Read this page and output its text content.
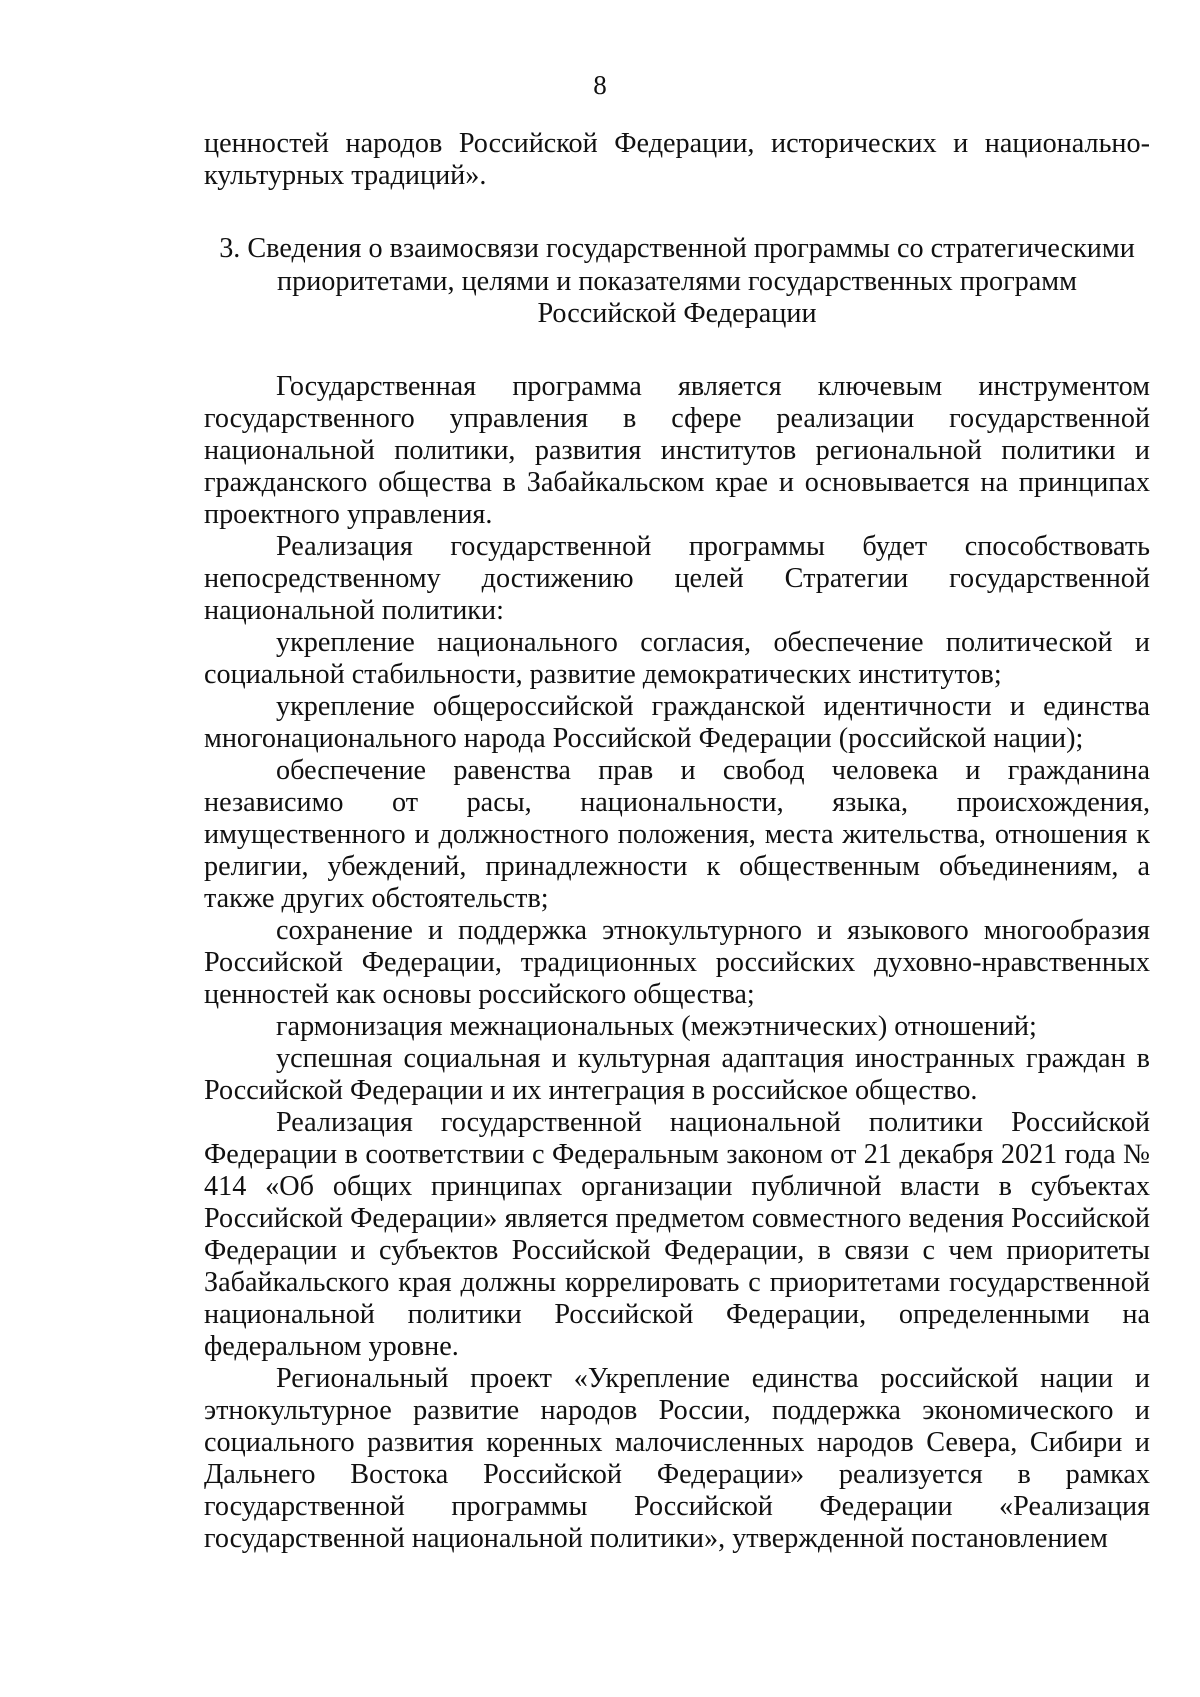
8

ценностей народов Российской Федерации, исторических и национально-культурных традиций».

3. Сведения о взаимосвязи государственной программы со стратегическими
приоритетами, целями и показателями государственных программ
Российской Федерации

Государственная программа является ключевым инструментом государственного управления в сфере реализации государственной национальной политики, развития институтов региональной политики и гражданского общества в Забайкальском крае и основывается на принципах проектного управления.

Реализация государственной программы будет способствовать непосредственному достижению целей Стратегии государственной национальной политики:

укрепление национального согласия, обеспечение политической и социальной стабильности, развитие демократических институтов;

укрепление общероссийской гражданской идентичности и единства многонационального народа Российской Федерации (российской нации);

обеспечение равенства прав и свобод человека и гражданина независимо от расы, национальности, языка, происхождения, имущественного и должностного положения, места жительства, отношения к религии, убеждений, принадлежности к общественным объединениям, а также других обстоятельств;

сохранение и поддержка этнокультурного и языкового многообразия Российской Федерации, традиционных российских духовно-нравственных ценностей как основы российского общества;

гармонизация межнациональных (межэтнических) отношений;

успешная социальная и культурная адаптация иностранных граждан в Российской Федерации и их интеграция в российское общество.

Реализация государственной национальной политики Российской Федерации в соответствии с Федеральным законом от 21 декабря 2021 года № 414 «Об общих принципах организации публичной власти в субъектах Российской Федерации» является предметом совместного ведения Российской Федерации и субъектов Российской Федерации, в связи с чем приоритеты Забайкальского края должны коррелировать с приоритетами государственной национальной политики Российской Федерации, определенными на федеральном уровне.

Региональный проект «Укрепление единства российской нации и этнокультурное развитие народов России, поддержка экономического и социального развития коренных малочисленных народов Севера, Сибири и Дальнего Востока Российской Федерации» реализуется в рамках государственной программы Российской Федерации «Реализация государственной национальной политики», утвержденной постановлением
